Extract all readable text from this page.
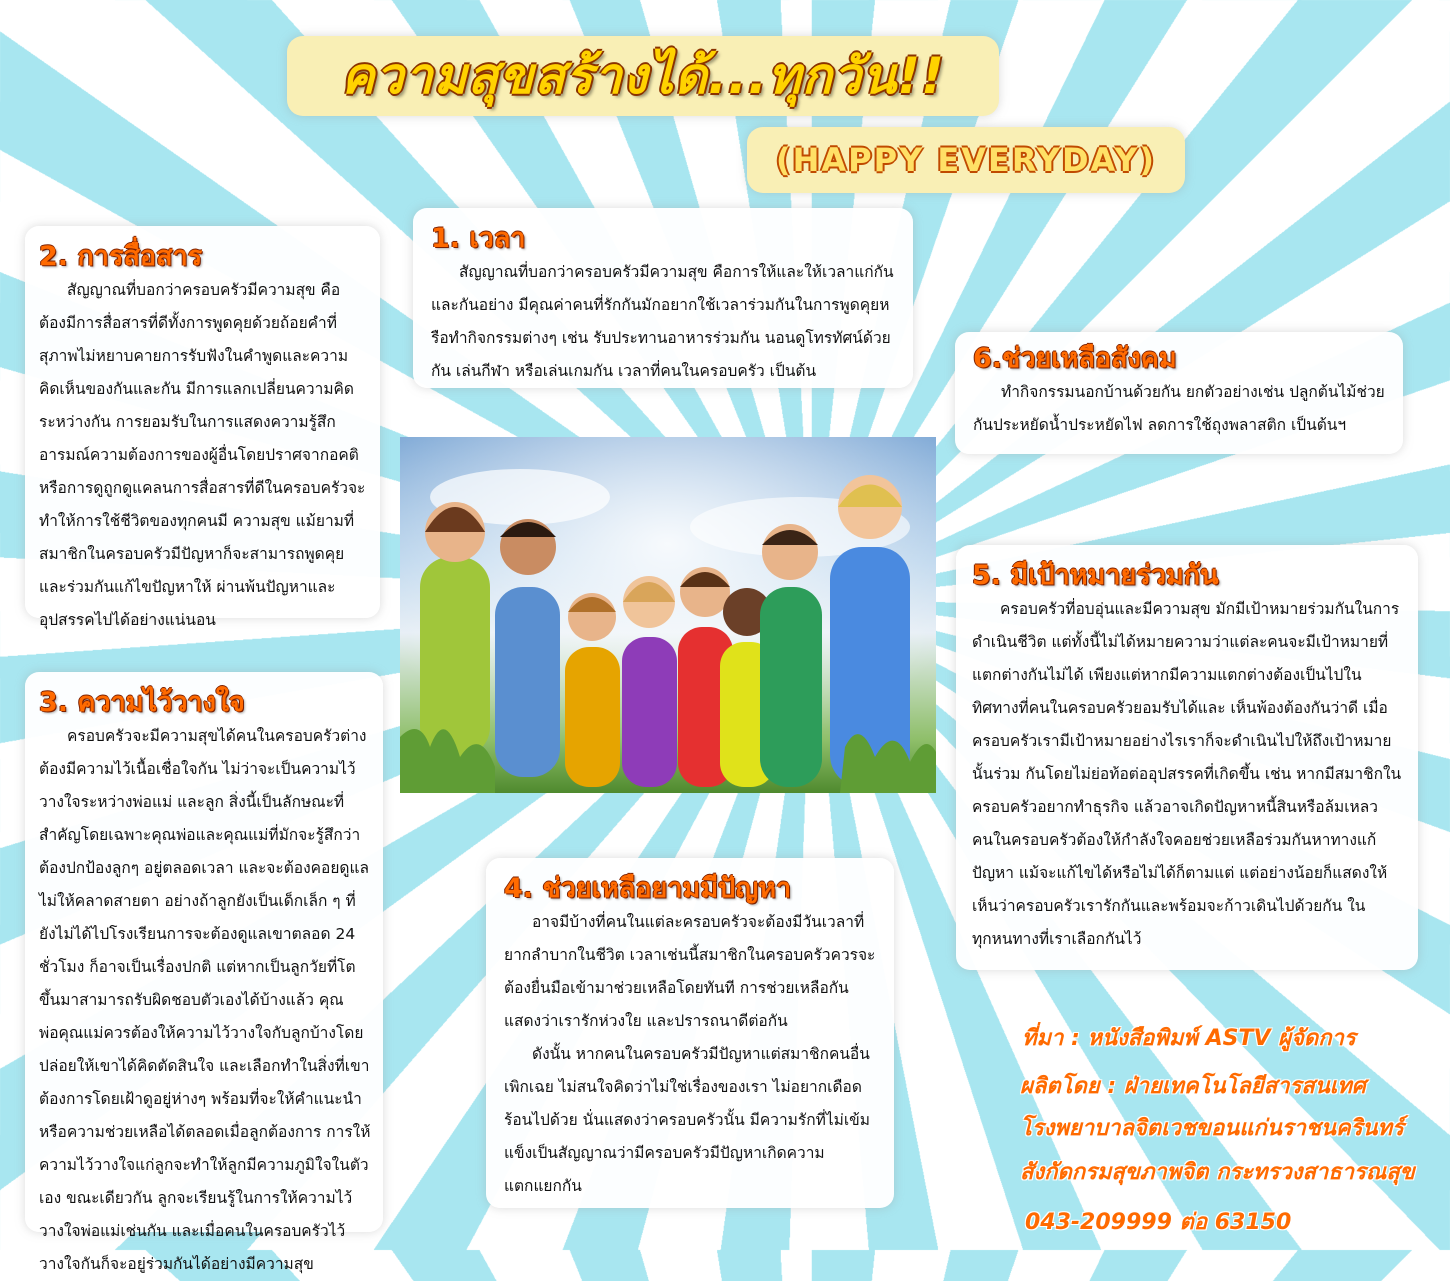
ความสุขสร้างได้...ทุกวัน!!
(HAPPY EVERYDAY)
1. เวลา

สัญญาณที่บอกว่าครอบครัวมีความสุข คือการให้และให้เวลาแก่กันและกันอย่าง มีคุณค่าคนที่รักกันมักอยากใช้เวลาร่วมกันในการพูดคุยหรือทำกิจกรรมต่างๆ เช่น รับประทานอาหารร่วมกัน นอนดูโทรทัศน์ด้วยกัน เล่นกีฬา หรือเล่นเกมกัน เวลาที่คนในครอบครัว เป็นต้น

2. การสื่อสาร

สัญญาณที่บอกว่าครอบครัวมีความสุข คือ ต้องมีการสื่อสารที่ดีทั้งการพูดคุยด้วยถ้อยคำที่สุภาพไม่หยาบคายการรับฟังในคำพูดและความคิดเห็นของกันและกัน มีการแลกเปลี่ยนความคิดระหว่างกัน การยอมรับในการแสดงความรู้สึกอารมณ์ความต้องการของผู้อื่นโดยปราศจากอคติ หรือการดูถูกดูแคลนการสื่อสารที่ดีในครอบครัวจะทำให้การใช้ชีวิตของทุกคนมี ความสุข แม้ยามที่สมาชิกในครอบครัวมีปัญหาก็จะสามารถพูดคุยและร่วมกันแก้ไขปัญหาให้ ผ่านพ้นปัญหาและอุปสรรคไปได้อย่างแน่นอน

3. ความไว้วางใจ

ครอบครัวจะมีความสุขได้คนในครอบครัวต่างต้องมีความไว้เนื้อเชื่อใจกัน ไม่ว่าจะเป็นความไว้วางใจระหว่างพ่อแม่ และลูก สิ่งนี้เป็นลักษณะที่สำคัญโดยเฉพาะคุณพ่อและคุณแม่ที่มักจะรู้สึกว่าต้องปกป้องลูกๆ อยู่ตลอดเวลา และจะต้องคอยดูแลไม่ให้คลาดสายตา อย่างถ้าลูกยังเป็นเด็กเล็ก ๆ ที่ยังไม่ได้ไปโรงเรียนการจะต้องดูแลเขาตลอด 24 ชั่วโมง ก็อาจเป็นเรื่องปกติ แต่หากเป็นลูกวัยที่โตขึ้นมาสามารถรับผิดชอบตัวเองได้บ้างแล้ว คุณพ่อคุณแม่ควรต้องให้ความไว้วางใจกับลูกบ้างโดยปล่อยให้เขาได้คิดตัดสินใจ และเลือกทำในสิ่งที่เขาต้องการโดยเฝ้าดูอยู่ห่างๆ พร้อมที่จะให้คำแนะนำ หรือความช่วยเหลือได้ตลอดเมื่อลูกต้องการ การให้ความไว้วางใจแก่ลูกจะทำให้ลูกมีความภูมิใจในตัวเอง ขณะเดียวกัน ลูกจะเรียนรู้ในการให้ความไว้วางใจพ่อแม่เช่นกัน และเมื่อคนในครอบครัวไว้วางใจกันก็จะอยู่ร่วมกันได้อย่างมีความสุข

4. ช่วยเหลือยามมีปัญหา

อาจมีบ้างที่คนในแต่ละครอบครัวจะต้องมีวันเวลาที่ยากลำบากในชีวิต เวลาเช่นนี้สมาชิกในครอบครัวควรจะต้องยื่นมือเข้ามาช่วยเหลือโดยทันที การช่วยเหลือกันแสดงว่าเรารักห่วงใย และปรารถนาดีต่อกัน

ดังนั้น หากคนในครอบครัวมีปัญหาแต่สมาชิกคนอื่นเพิกเฉย ไม่สนใจคิดว่าไม่ใช่เรื่องของเรา ไม่อยากเดือดร้อนไปด้วย นั่นแสดงว่าครอบครัวนั้น มีความรักที่ไม่เข้มแข็งเป็นสัญญาณว่ามีครอบครัวมีปัญหาเกิดความแตกแยกกัน

5. มีเป้าหมายร่วมกัน

ครอบครัวที่อบอุ่นและมีความสุข มักมีเป้าหมายร่วมกันในการดำเนินชีวิต แต่ทั้งนี้ไม่ได้หมายความว่าแต่ละคนจะมีเป้าหมายที่แตกต่างกันไม่ได้ เพียงแต่หากมีความแตกต่างต้องเป็นไปในทิศทางที่คนในครอบครัวยอมรับได้และ เห็นพ้องต้องกันว่าดี เมื่อครอบครัวเรามีเป้าหมายอย่างไรเราก็จะดำเนินไปให้ถึงเป้าหมายนั้นร่วม กันโดยไม่ย่อท้อต่ออุปสรรคที่เกิดขึ้น เช่น หากมีสมาชิกในครอบครัวอยากทำธุรกิจ แล้วอาจเกิดปัญหาหนี้สินหรือล้มเหลว คนในครอบครัวต้องให้กำลังใจคอยช่วยเหลือร่วมกันหาทางแก้ปัญหา แม้จะแก้ไขได้หรือไม่ได้ก็ตามแต่ แต่อย่างน้อยก็แสดงให้เห็นว่าครอบครัวเรารักกันและพร้อมจะก้าวเดินไปด้วยกัน ในทุกหนทางที่เราเลือกกันไว้

6.ช่วยเหลือสังคม

ทำกิจกรรมนอกบ้านด้วยกัน ยกตัวอย่างเช่น ปลูกต้นไม้ช่วยกันประหยัดน้ำประหยัดไฟ ลดการใช้ถุงพลาสติก เป็นต้นฯ

ที่มา : หนังสือพิมพ์ ASTV ผู้จัดการ

ผลิตโดย : ฝ่ายเทคโนโลยีสารสนเทศ

โรงพยาบาลจิตเวชขอนแก่นราชนครินทร์

สังกัดกรมสุขภาพจิต กระทรวงสาธารณสุข

043-209999 ต่อ 63150
